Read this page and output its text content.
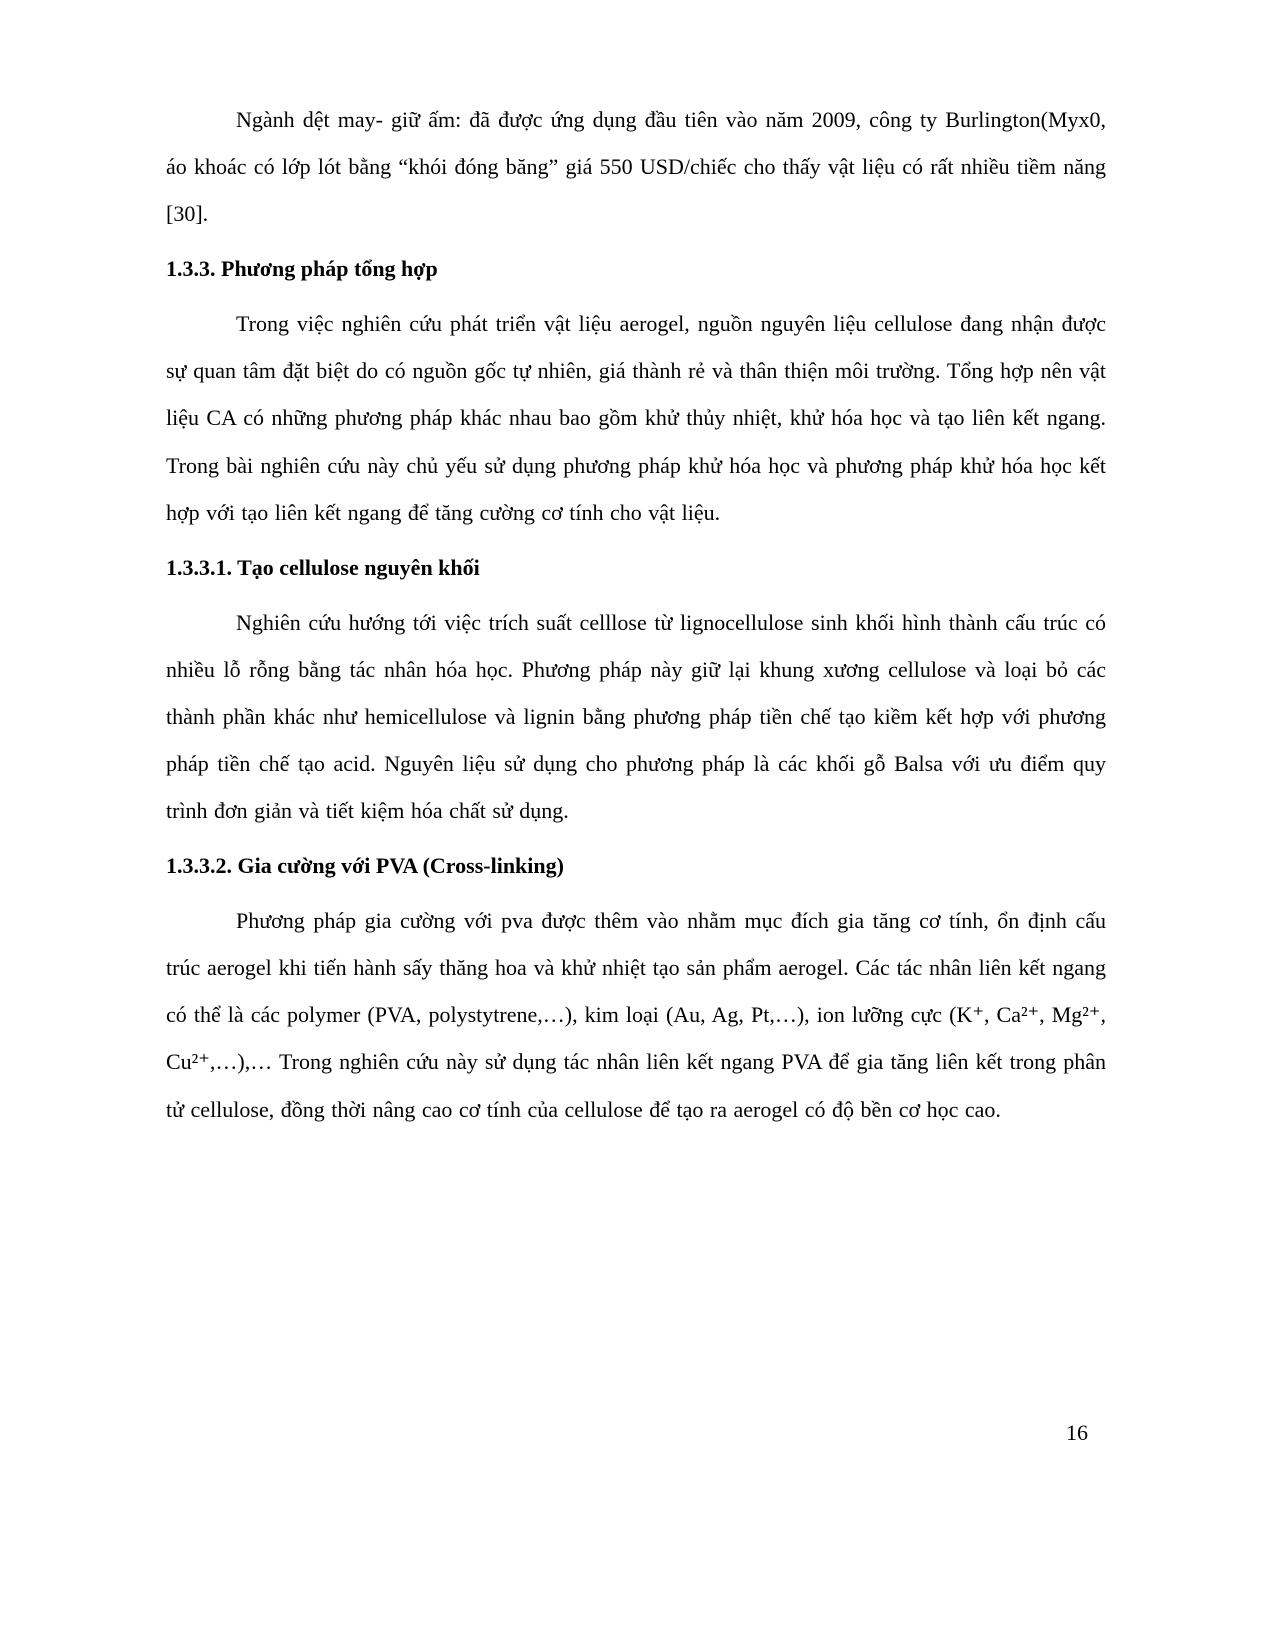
Ngành dệt may- giữ ấm: đã được ứng dụng đầu tiên vào năm 2009, công ty Burlington(Myx0, áo khoác có lớp lót bằng “khói đóng băng” giá 550 USD/chiếc cho thấy vật liệu có rất nhiều tiềm năng [30].

1.3.3. Phương pháp tổng hợp

Trong việc nghiên cứu phát triển vật liệu aerogel, nguồn nguyên liệu cellulose đang nhận được sự quan tâm đặt biệt do có nguồn gốc tự nhiên, giá thành rẻ và thân thiện môi trường. Tổng hợp nên vật liệu CA có những phương pháp khác nhau bao gồm khử thủy nhiệt, khử hóa học và tạo liên kết ngang. Trong bài nghiên cứu này chủ yếu sử dụng phương pháp khử hóa học và phương pháp khử hóa học kết hợp với tạo liên kết ngang để tăng cường cơ tính cho vật liệu.

1.3.3.1. Tạo cellulose nguyên khối

Nghiên cứu hướng tới việc trích suất celllose từ lignocellulose sinh khối hình thành cấu trúc có nhiều lỗ rỗng bằng tác nhân hóa học. Phương pháp này giữ lại khung xương cellulose và loại bỏ các thành phần khác như hemicellulose và lignin bằng phương pháp tiền chế tạo kiềm kết hợp với phương pháp tiền chế tạo acid. Nguyên liệu sử dụng cho phương pháp là các khối gỗ Balsa với ưu điểm quy trình đơn giản và tiết kiệm hóa chất sử dụng.

1.3.3.2. Gia cường với PVA (Cross-linking)

Phương pháp gia cường với pva được thêm vào nhằm mục đích gia tăng cơ tính, ổn định cấu trúc aerogel khi tiến hành sấy thăng hoa và khử nhiệt tạo sản phẩm aerogel. Các tác nhân liên kết ngang có thể là các polymer (PVA, polystytrene,…), kim loại (Au, Ag, Pt,…), ion lưỡng cực (K⁺, Ca²⁺, Mg²⁺, Cu²⁺,…),… Trong nghiên cứu này sử dụng tác nhân liên kết ngang PVA để gia tăng liên kết trong phân tử cellulose, đồng thời nâng cao cơ tính của cellulose để tạo ra aerogel có độ bền cơ học cao.

16
